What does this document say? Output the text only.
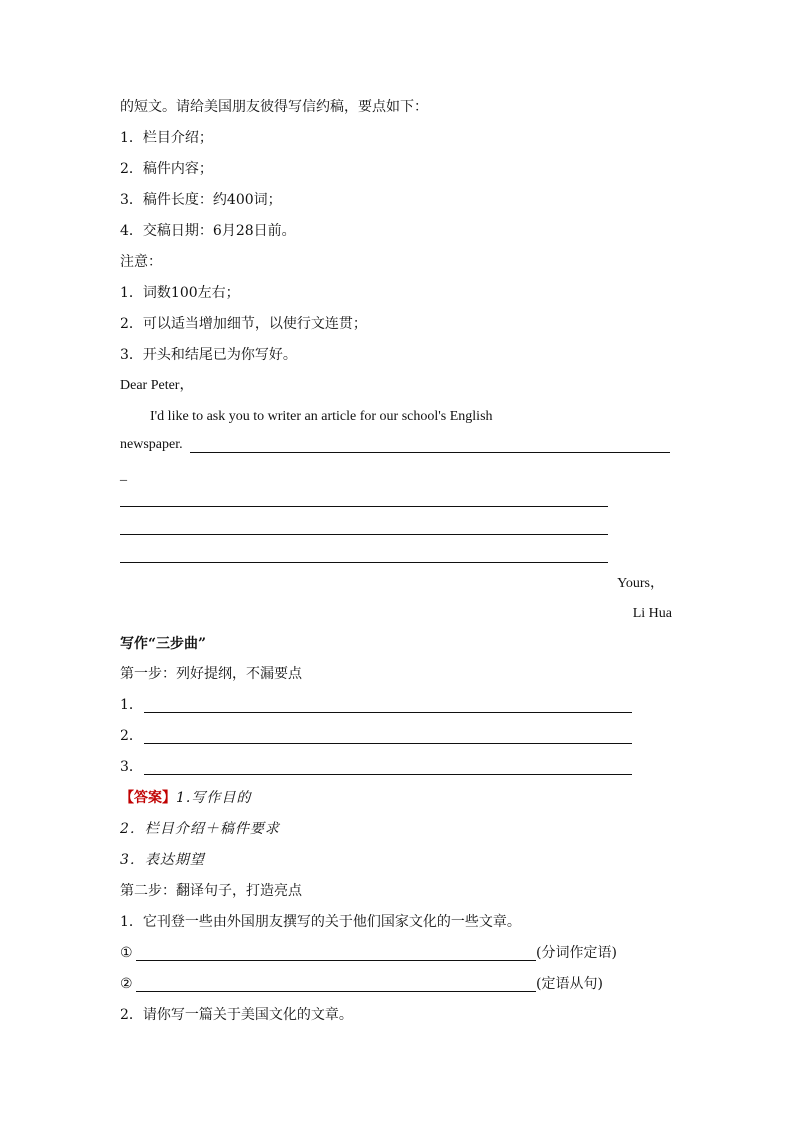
的短文。请给美国朋友彼得写信约稿，要点如下：
1．栏目介绍；
2．稿件内容；
3．稿件长度：约400词；
4．交稿日期：6月28日前。
注意：
1．词数100左右；
2．可以适当增加细节，以使行文连贯；
3．开头和结尾已为你写好。
Dear Peter，
I'd like to ask you to writer an article for our school's English
newspaper.
_
Yours，
Li Hua
写作“三步曲”
第一步：列好提纲，不漏要点
1．
2．
3．
【答案】1.写作目的
2．栏目介绍＋稿件要求
3．表达期望
第二步：翻译句子，打造亮点
1．它刊登一些由外国朋友撰写的关于他们国家文化的一些文章。
①	(分词作定语)
②	(定语从句)
2．请你写一篇关于美国文化的文章。
